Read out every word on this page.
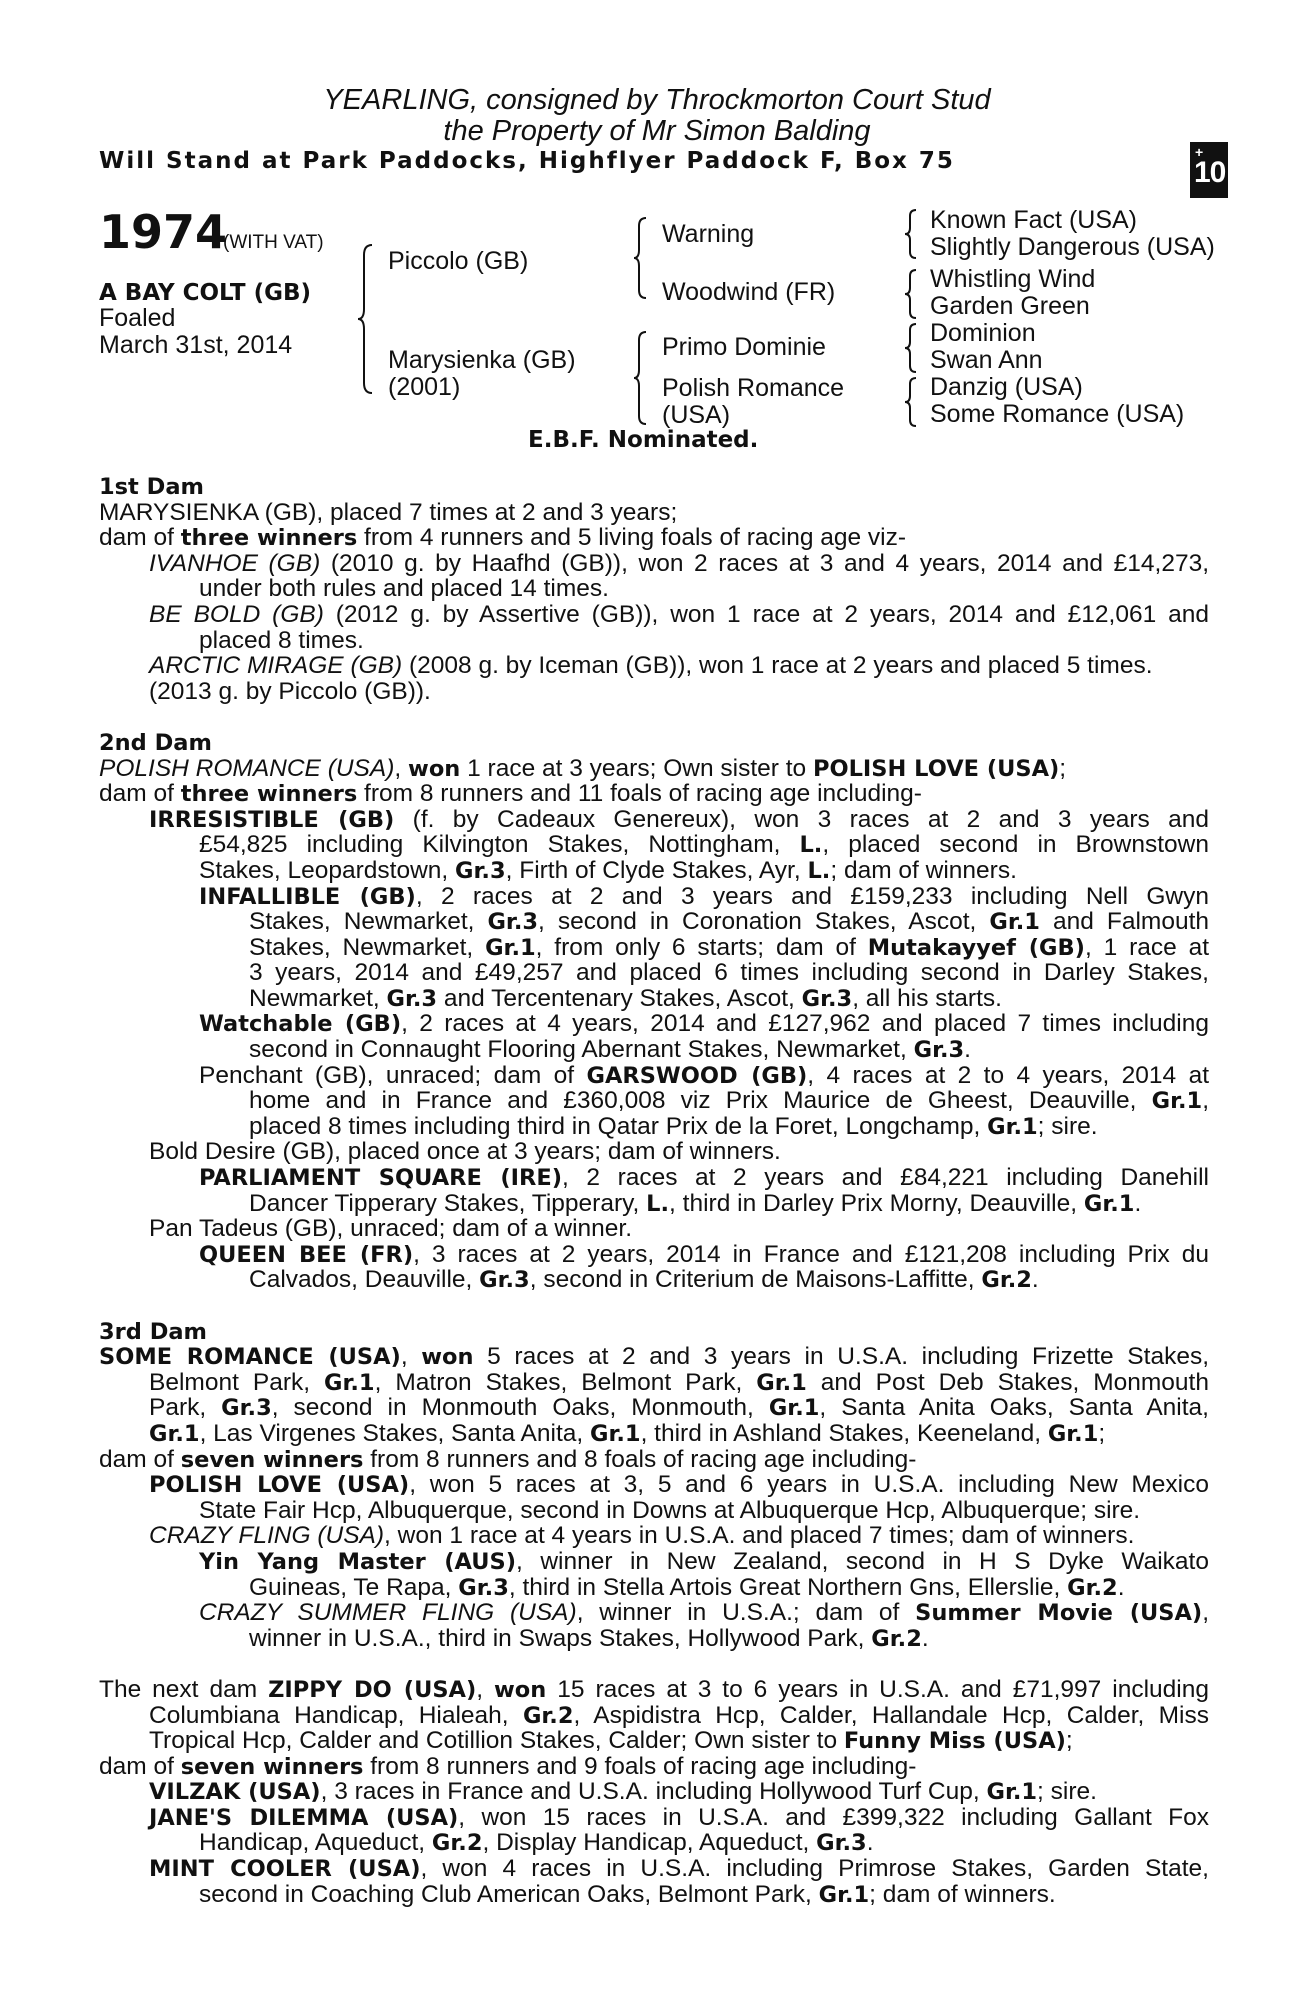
YEARLING, consigned by Throckmorton Court Stud
the Property of Mr Simon Balding
Will Stand at Park Paddocks, Highflyer Paddock F, Box 75	+
10
1974
(WITH VAT)
A BAY COLT (GB)
Foaled
March 31st, 2014
Piccolo (GB)
Marysienka (GB)
(2001)
Warning
Woodwind (FR)
Primo Dominie
Polish Romance
(USA)
Known Fact (USA)
Slightly Dangerous (USA)
Whistling Wind
Garden Green
Dominion
Swan Ann
Danzig (USA)
Some Romance (USA)
E.B.F. Nominated.
1st Dam
MARYSIENKA (GB), placed 7 times at 2 and 3 years;
dam of three winners from 4 runners and 5 living foals of racing age viz-
IVANHOE (GB) (2010 g. by Haafhd (GB)), won 2 races at 3 and 4 years, 2014 and £14,273,
under both rules and placed 14 times.
BE BOLD (GB) (2012 g. by Assertive (GB)), won 1 race at 2 years, 2014 and £12,061 and
placed 8 times.
ARCTIC MIRAGE (GB) (2008 g. by Iceman (GB)), won 1 race at 2 years and placed 5 times.
(2013 g. by Piccolo (GB)).
2nd Dam
POLISH ROMANCE (USA), won 1 race at 3 years; Own sister to POLISH LOVE (USA);
dam of three winners from 8 runners and 11 foals of racing age including-
IRRESISTIBLE (GB) (f. by Cadeaux Genereux), won 3 races at 2 and 3 years and
£54,825 including Kilvington Stakes, Nottingham, L., placed second in Brownstown
Stakes, Leopardstown, Gr.3, Firth of Clyde Stakes, Ayr, L.; dam of winners.
INFALLIBLE (GB), 2 races at 2 and 3 years and £159,233 including Nell Gwyn
Stakes, Newmarket, Gr.3, second in Coronation Stakes, Ascot, Gr.1 and Falmouth
Stakes, Newmarket, Gr.1, from only 6 starts; dam of Mutakayyef (GB), 1 race at
3 years, 2014 and £49,257 and placed 6 times including second in Darley Stakes,
Newmarket, Gr.3 and Tercentenary Stakes, Ascot, Gr.3, all his starts.
Watchable (GB), 2 races at 4 years, 2014 and £127,962 and placed 7 times including
second in Connaught Flooring Abernant Stakes, Newmarket, Gr.3.
Penchant (GB), unraced; dam of GARSWOOD (GB), 4 races at 2 to 4 years, 2014 at
home and in France and £360,008 viz Prix Maurice de Gheest, Deauville, Gr.1,
placed 8 times including third in Qatar Prix de la Foret, Longchamp, Gr.1; sire.
Bold Desire (GB), placed once at 3 years; dam of winners.
PARLIAMENT SQUARE (IRE), 2 races at 2 years and £84,221 including Danehill
Dancer Tipperary Stakes, Tipperary, L., third in Darley Prix Morny, Deauville, Gr.1.
Pan Tadeus (GB), unraced; dam of a winner.
QUEEN BEE (FR), 3 races at 2 years, 2014 in France and £121,208 including Prix du
Calvados, Deauville, Gr.3, second in Criterium de Maisons-Laffitte, Gr.2.
3rd Dam
SOME ROMANCE (USA), won 5 races at 2 and 3 years in U.S.A. including Frizette Stakes,
Belmont Park, Gr.1, Matron Stakes, Belmont Park, Gr.1 and Post Deb Stakes, Monmouth
Park, Gr.3, second in Monmouth Oaks, Monmouth, Gr.1, Santa Anita Oaks, Santa Anita,
Gr.1, Las Virgenes Stakes, Santa Anita, Gr.1, third in Ashland Stakes, Keeneland, Gr.1;
dam of seven winners from 8 runners and 8 foals of racing age including-
POLISH LOVE (USA), won 5 races at 3, 5 and 6 years in U.S.A. including New Mexico
State Fair Hcp, Albuquerque, second in Downs at Albuquerque Hcp, Albuquerque; sire.
CRAZY FLING (USA), won 1 race at 4 years in U.S.A. and placed 7 times; dam of winners.
Yin Yang Master (AUS), winner in New Zealand, second in H S Dyke Waikato
Guineas, Te Rapa, Gr.3, third in Stella Artois Great Northern Gns, Ellerslie, Gr.2.
CRAZY SUMMER FLING (USA), winner in U.S.A.; dam of Summer Movie (USA),
winner in U.S.A., third in Swaps Stakes, Hollywood Park, Gr.2.
The next dam ZIPPY DO (USA), won 15 races at 3 to 6 years in U.S.A. and £71,997 including
Columbiana Handicap, Hialeah, Gr.2, Aspidistra Hcp, Calder, Hallandale Hcp, Calder, Miss
Tropical Hcp, Calder and Cotillion Stakes, Calder; Own sister to Funny Miss (USA);
dam of seven winners from 8 runners and 9 foals of racing age including-
VILZAK (USA), 3 races in France and U.S.A. including Hollywood Turf Cup, Gr.1; sire.
JANE'S DILEMMA (USA), won 15 races in U.S.A. and £399,322 including Gallant Fox
Handicap, Aqueduct, Gr.2, Display Handicap, Aqueduct, Gr.3.
MINT COOLER (USA), won 4 races in U.S.A. including Primrose Stakes, Garden State,
second in Coaching Club American Oaks, Belmont Park, Gr.1; dam of winners.
